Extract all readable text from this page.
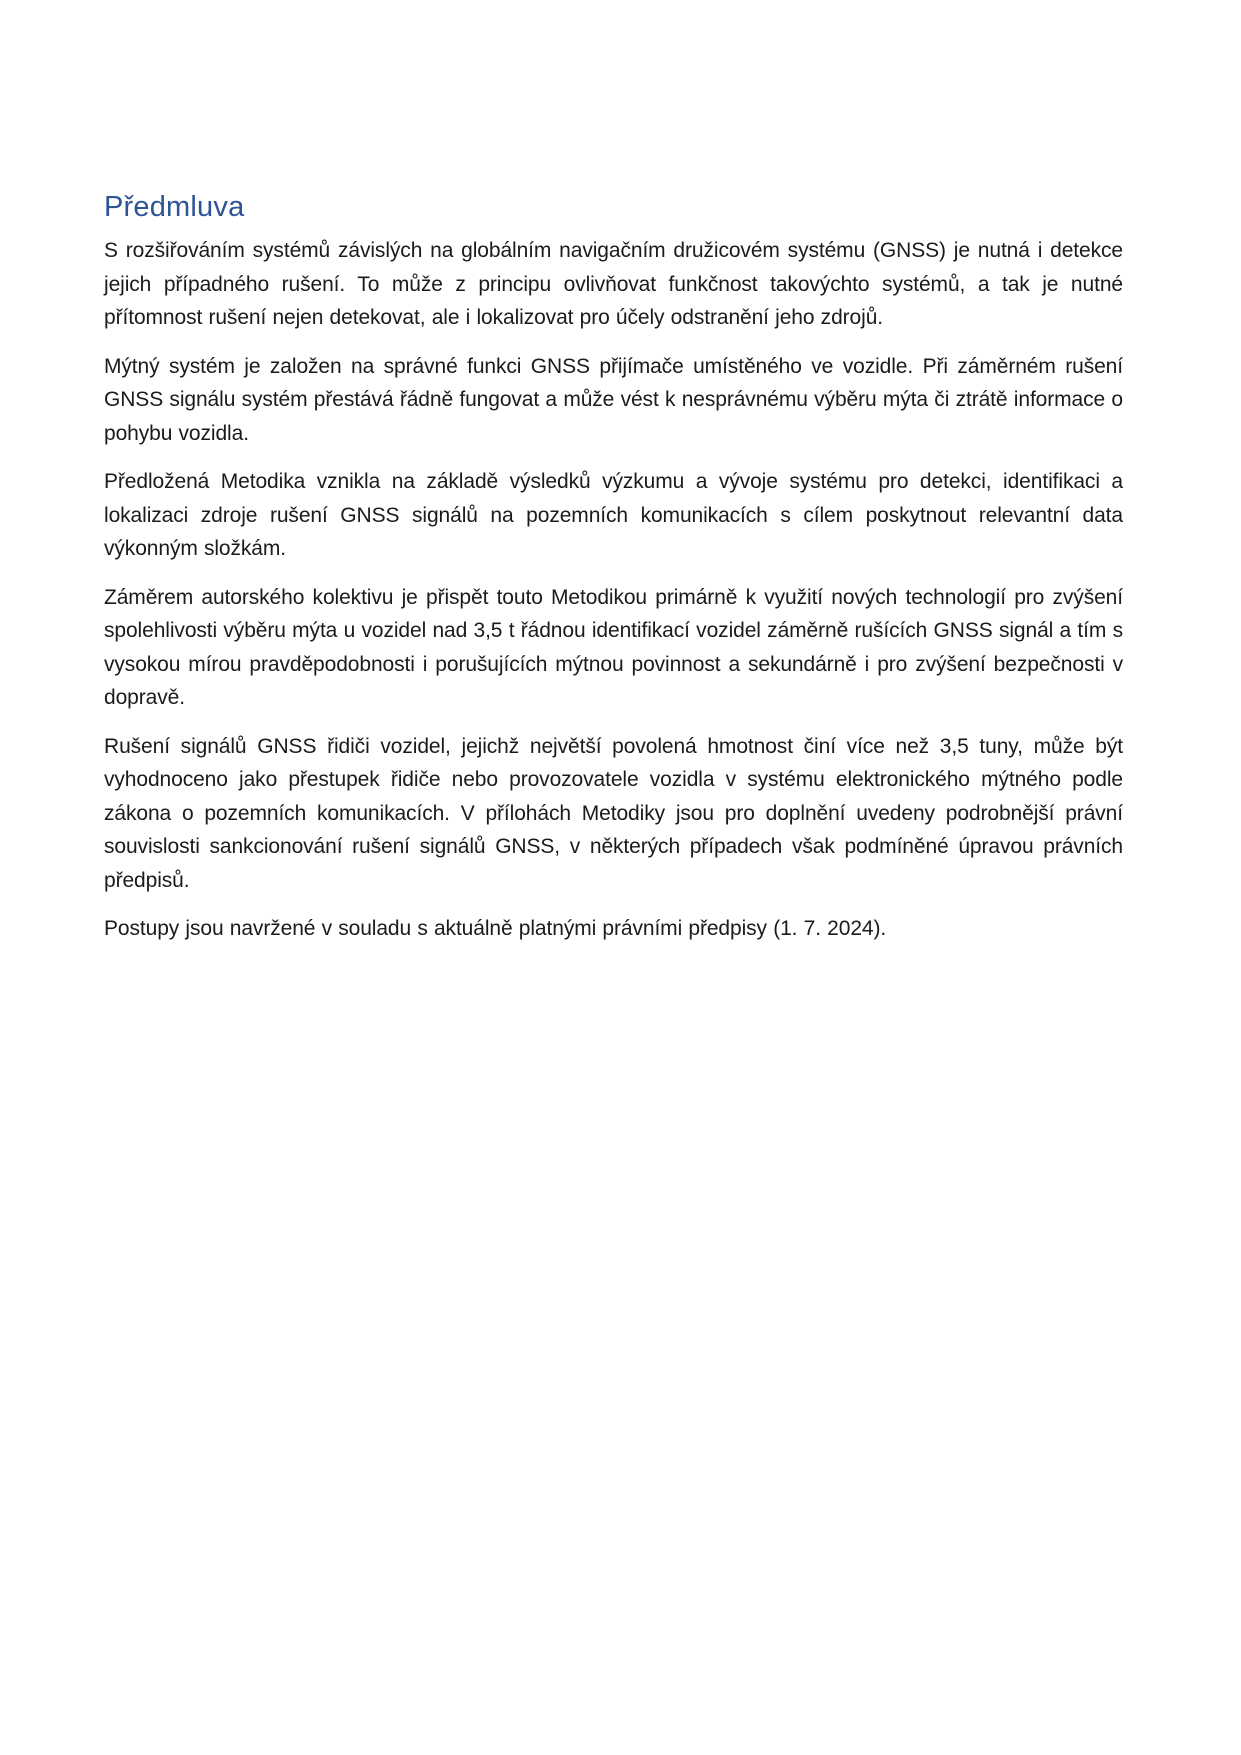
Předmluva

S rozšiřováním systémů závislých na globálním navigačním družicovém systému (GNSS) je nutná i detekce jejich případného rušení. To může z principu ovlivňovat funkčnost takovýchto systémů, a tak je nutné přítomnost rušení nejen detekovat, ale i lokalizovat pro účely odstranění jeho zdrojů.

Mýtný systém je založen na správné funkci GNSS přijímače umístěného ve vozidle. Při záměrném rušení GNSS signálu systém přestává řádně fungovat a může vést k nesprávnému výběru mýta či ztrátě informace o pohybu vozidla.

Předložená Metodika vznikla na základě výsledků výzkumu a vývoje systému pro detekci, identifikaci a lokalizaci zdroje rušení GNSS signálů na pozemních komunikacích s cílem poskytnout relevantní data výkonným složkám.

Záměrem autorského kolektivu je přispět touto Metodikou primárně k využití nových technologií pro zvýšení spolehlivosti výběru mýta u vozidel nad 3,5 t řádnou identifikací vozidel záměrně rušících GNSS signál a tím s vysokou mírou pravděpodobnosti i porušujících mýtnou povinnost a sekundárně i pro zvýšení bezpečnosti v dopravě.

Rušení signálů GNSS řidiči vozidel, jejichž největší povolená hmotnost činí více než 3,5 tuny, může být vyhodnoceno jako přestupek řidiče nebo provozovatele vozidla v systému elektronického mýtného podle zákona o pozemních komunikacích. V přílohách Metodiky jsou pro doplnění uvedeny podrobnější právní souvislosti sankcionování rušení signálů GNSS, v některých případech však podmíněné úpravou právních předpisů.

Postupy jsou navržené v souladu s aktuálně platnými právními předpisy (1. 7. 2024).
